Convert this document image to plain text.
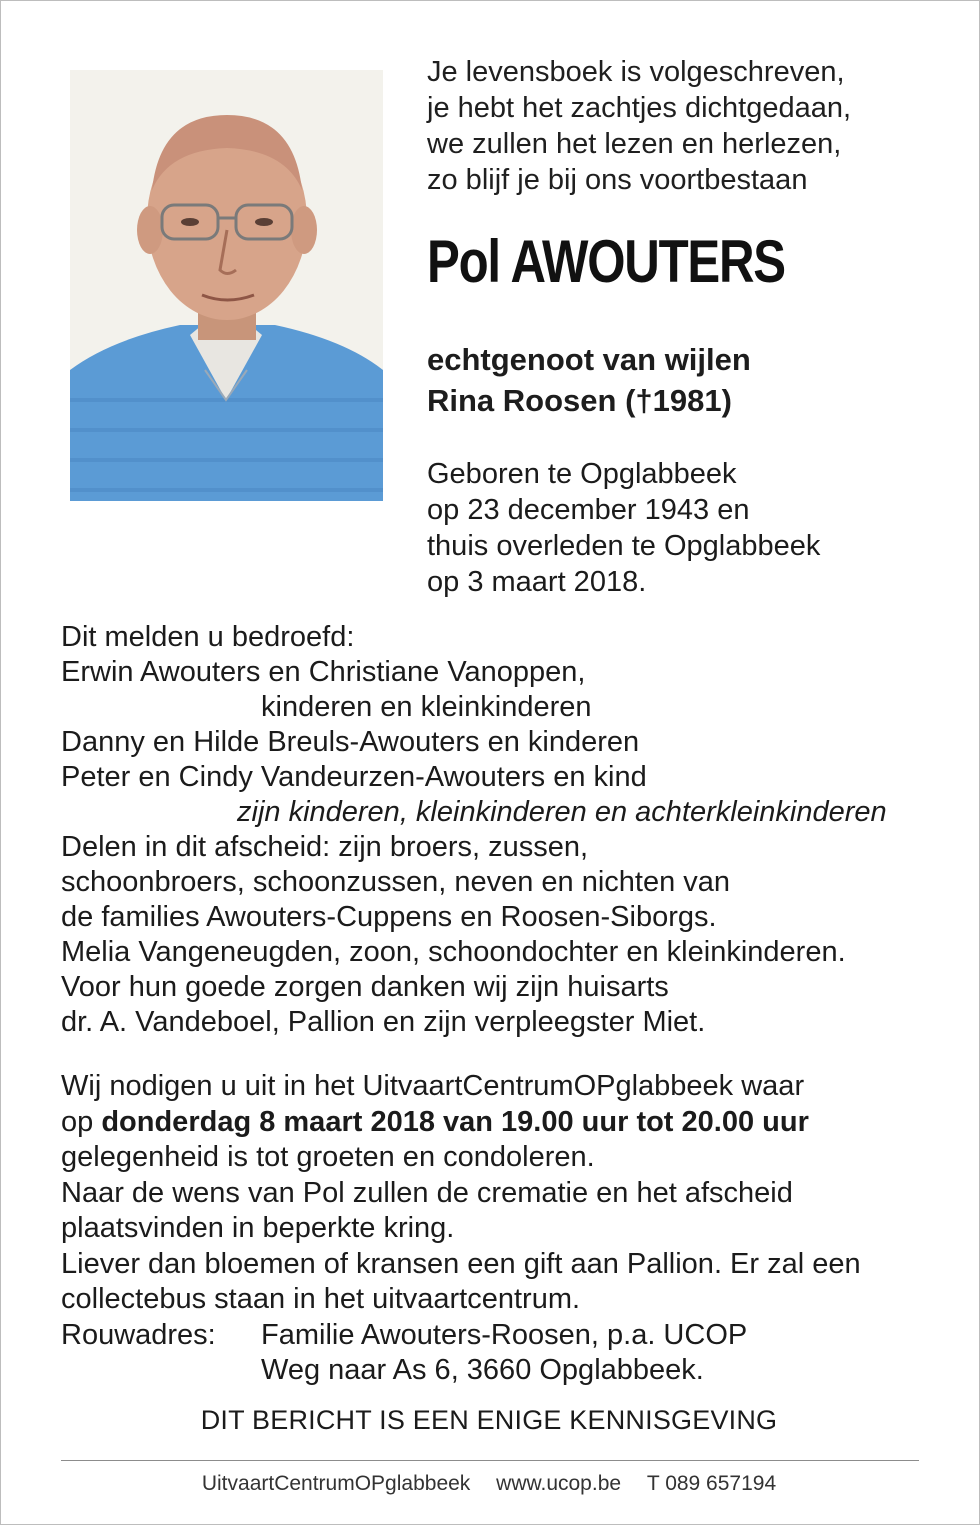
Je levensboek is volgeschreven,
je hebt het zachtjes dichtgedaan,
we zullen het lezen en herlezen,
zo blijf je bij ons voortbestaan
Pol AWOUTERS
echtgenoot van wijlen
Rina Roosen (†1981)
Geboren te Opglabbeek
op 23 december 1943 en
thuis overleden te Opglabbeek
op 3 maart 2018.
Dit melden u bedroefd:
Erwin Awouters en Christiane Vanoppen,
kinderen en kleinkinderen
Danny en Hilde Breuls-Awouters en kinderen
Peter en Cindy Vandeurzen-Awouters en kind
zijn kinderen, kleinkinderen en achterkleinkinderen
Delen in dit afscheid: zijn broers, zussen,
schoonbroers, schoonzussen, neven en nichten van
de families Awouters-Cuppens en Roosen-Siborgs.
Melia Vangeneugden, zoon, schoondochter en kleinkinderen.
Voor hun goede zorgen danken wij zijn huisarts
dr. A. Vandeboel, Pallion en zijn verpleegster Miet.
Wij nodigen u uit in het UitvaartCentrumOPglabbeek waar
op donderdag 8 maart 2018 van 19.00 uur tot 20.00 uur
gelegenheid is tot groeten en condoleren.
Naar de wens van Pol zullen de crematie en het afscheid
plaatsvinden in beperkte kring.
Liever dan bloemen of kransen een gift aan Pallion. Er zal een
collectebus staan in het uitvaartcentrum.
Rouwadres: Familie Awouters-Roosen, p.a. UCOP
Weg naar As 6, 3660 Opglabbeek.
DIT BERICHT IS EEN ENIGE KENNISGEVING
UitvaartCentrumOPglabbeek www.ucop.be T 089 657194
